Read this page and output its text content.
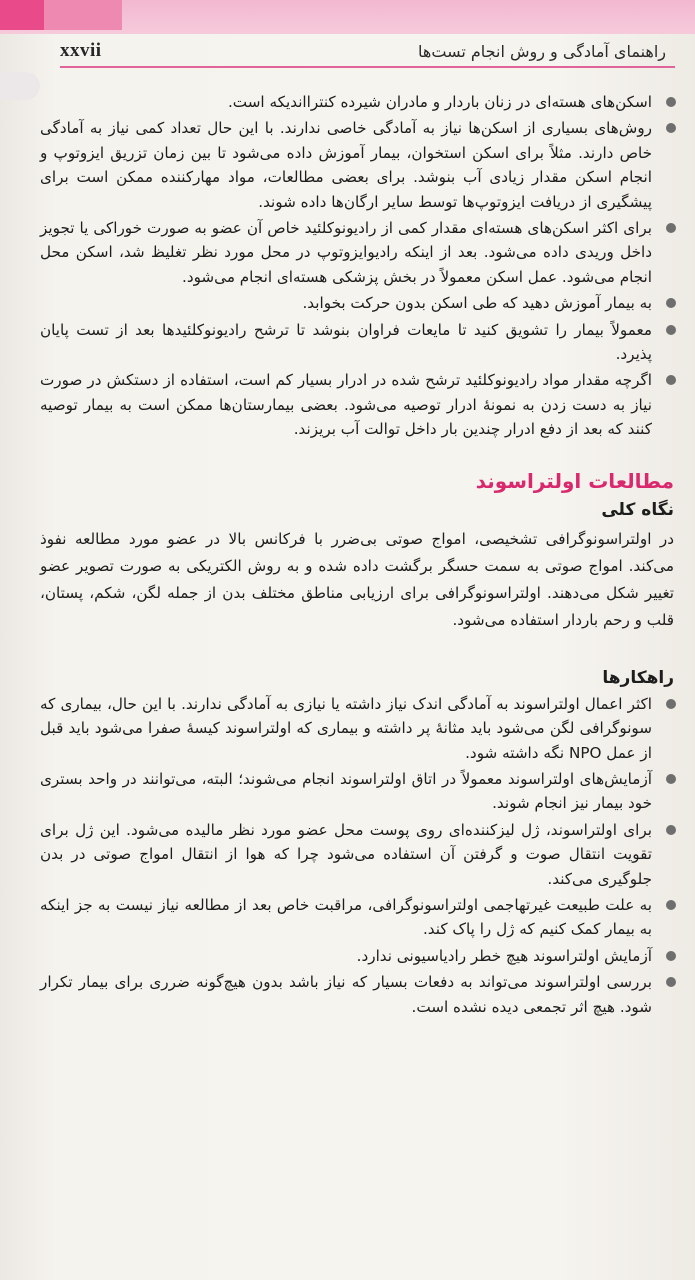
xxvii	راهنمای آمادگی و روش انجام تست‌ها
اسکن‌های هسته‌ای در زنان باردار و مادران شیرده کنترااندیکه است.
روش‌های بسیاری از اسکن‌ها نیاز به آمادگی خاصی ندارند. با این حال تعداد کمی نیاز به آمادگی خاص دارند. مثلاً برای اسکن استخوان، بیمار آموزش داده می‌شود تا بین زمان تزریق ایزوتوپ و انجام اسکن مقدار زیادی آب بنوشد. برای بعضی مطالعات، مواد مهارکننده ممکن است برای پیشگیری از دریافت ایزوتوپ‌ها توسط سایر ارگان‌ها داده شوند.
برای اکثر اسکن‌های هسته‌ای مقدار کمی از رادیونوکلئید خاص آن عضو به صورت خوراکی یا تجویز داخل وریدی داده می‌شود. بعد از اینکه رادیوایزوتوپ در محل مورد نظر تغلیظ شد، اسکن محل انجام می‌شود. عمل اسکن معمولاً در بخش پزشکی هسته‌ای انجام می‌شود.
به بیمار آموزش دهید که طی اسکن بدون حرکت بخوابد.
معمولاً بیمار را تشویق کنید تا مایعات فراوان بنوشد تا ترشح رادیونوکلئیدها بعد از تست پایان پذیرد.
اگرچه مقدار مواد رادیونوکلئید ترشح شده در ادرار بسیار کم است، استفاده از دستکش در صورت نیاز به دست زدن به نمونهٔ ادرار توصیه می‌شود. بعضی بیمارستان‌ها ممکن است به بیمار توصیه کنند که بعد از دفع ادرار چندین بار داخل توالت آب بریزند.
مطالعات اولتراسوند
نگاه کلی

در اولتراسونوگرافی تشخیصی، امواج صوتی بی‌ضرر با فرکانس بالا در عضو مورد مطالعه نفوذ می‌کند. امواج صوتی به سمت حسگر برگشت داده شده و به روش الکتریکی به صورت تصویر عضو تغییر شکل می‌دهند. اولتراسونوگرافی برای ارزیابی مناطق مختلف بدن از جمله لگن، شکم، پستان، قلب و رحم باردار استفاده می‌شود.

راهکارها
اکثر اعمال اولتراسوند به آمادگی اندک نیاز داشته یا نیازی به آمادگی ندارند. با این حال، بیماری که سونوگرافی لگن می‌شود باید مثانهٔ پر داشته و بیماری که اولتراسوند کیسهٔ صفرا می‌شود باید قبل از عمل NPO نگه داشته شود.
آزمایش‌های اولتراسوند معمولاً در اتاق اولتراسوند انجام می‌شوند؛ البته، می‌توانند در واحد بستری خود بیمار نیز انجام شوند.
برای اولتراسوند، ژل لیزکننده‌ای روی پوست محل عضو مورد نظر مالیده می‌شود. این ژل برای تقویت انتقال صوت و گرفتن آن استفاده می‌شود چرا که هوا از انتقال امواج صوتی در بدن جلوگیری می‌کند.
به علت طبیعت غیرتهاجمی اولتراسونوگرافی، مراقبت خاص بعد از مطالعه نیاز نیست به جز اینکه به بیمار کمک کنیم که ژل را پاک کند.
آزمایش اولتراسوند هیچ خطر رادیاسیونی ندارد.
بررسی اولتراسوند می‌تواند به دفعات بسیار که نیاز باشد بدون هیچ‌گونه ضرری برای بیمار تکرار شود. هیچ اثر تجمعی دیده نشده است.
